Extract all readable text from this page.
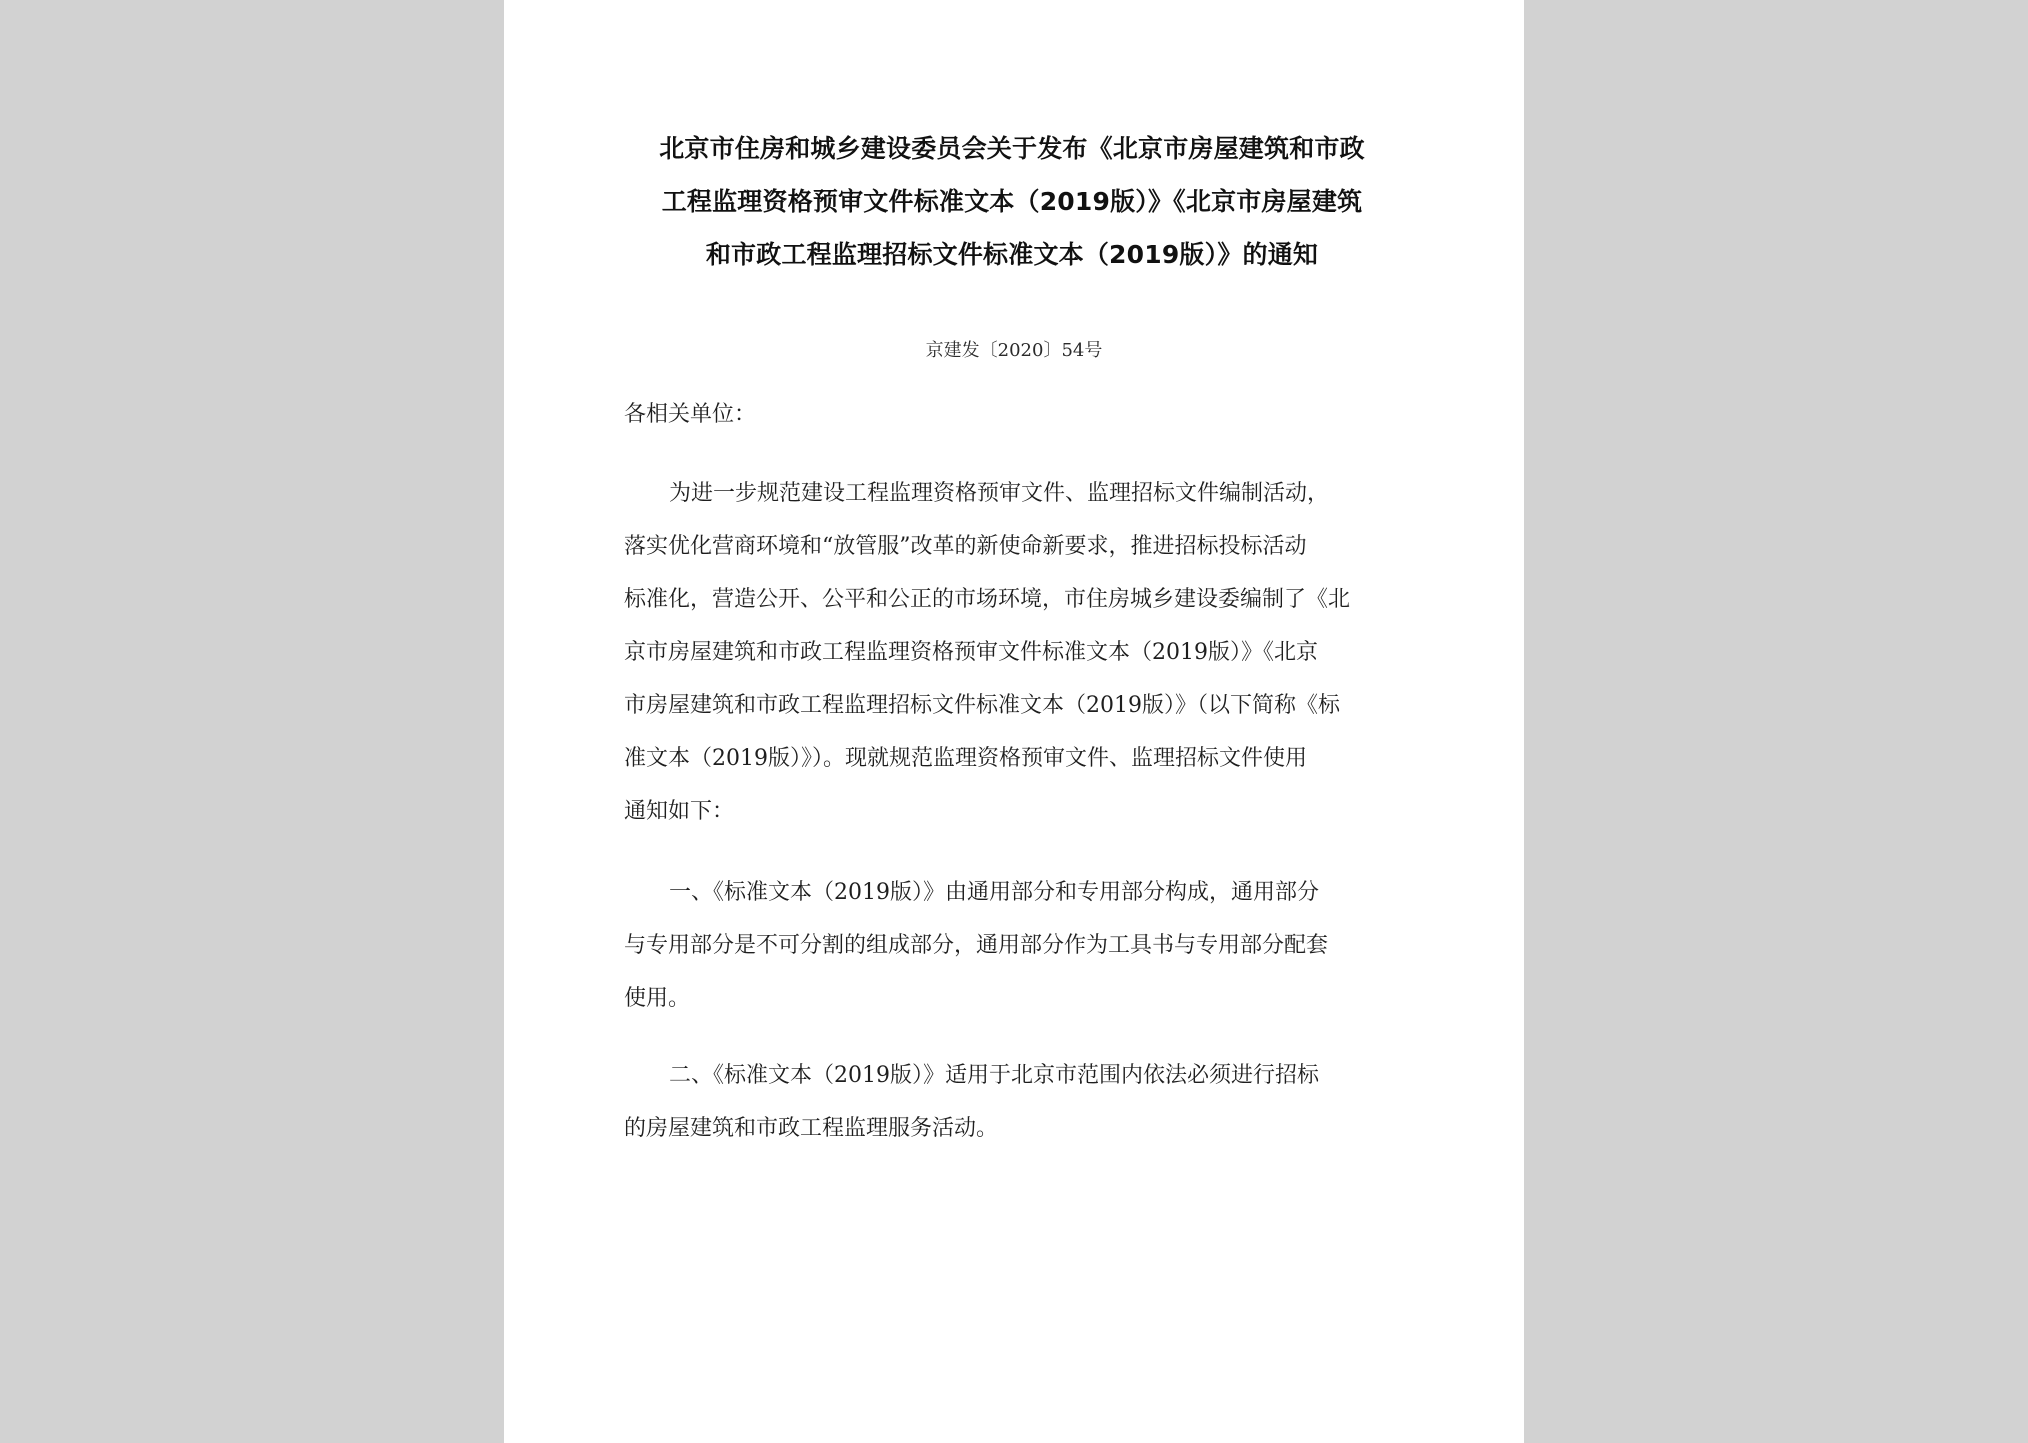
北京市住房和城乡建设委员会关于发布《北京市房屋建筑和市政
工程监理资格预审文件标准文本（2019版）》《北京市房屋建筑
和市政工程监理招标文件标准文本（2019版）》的通知
京建发〔2020〕54号
各相关单位：
为进一步规范建设工程监理资格预审文件、监理招标文件编制活动，
落实优化营商环境和“放管服”改革的新使命新要求，推进招标投标活动
标准化，营造公开、公平和公正的市场环境，市住房城乡建设委编制了《北
京市房屋建筑和市政工程监理资格预审文件标准文本（2019版）》《北京
市房屋建筑和市政工程监理招标文件标准文本（2019版）》（以下简称《标
准文本（2019版）》）。现就规范监理资格预审文件、监理招标文件使用
通知如下：
一、《标准文本（2019版）》由通用部分和专用部分构成，通用部分
与专用部分是不可分割的组成部分，通用部分作为工具书与专用部分配套
使用。
二、《标准文本（2019版）》适用于北京市范围内依法必须进行招标
的房屋建筑和市政工程监理服务活动。
